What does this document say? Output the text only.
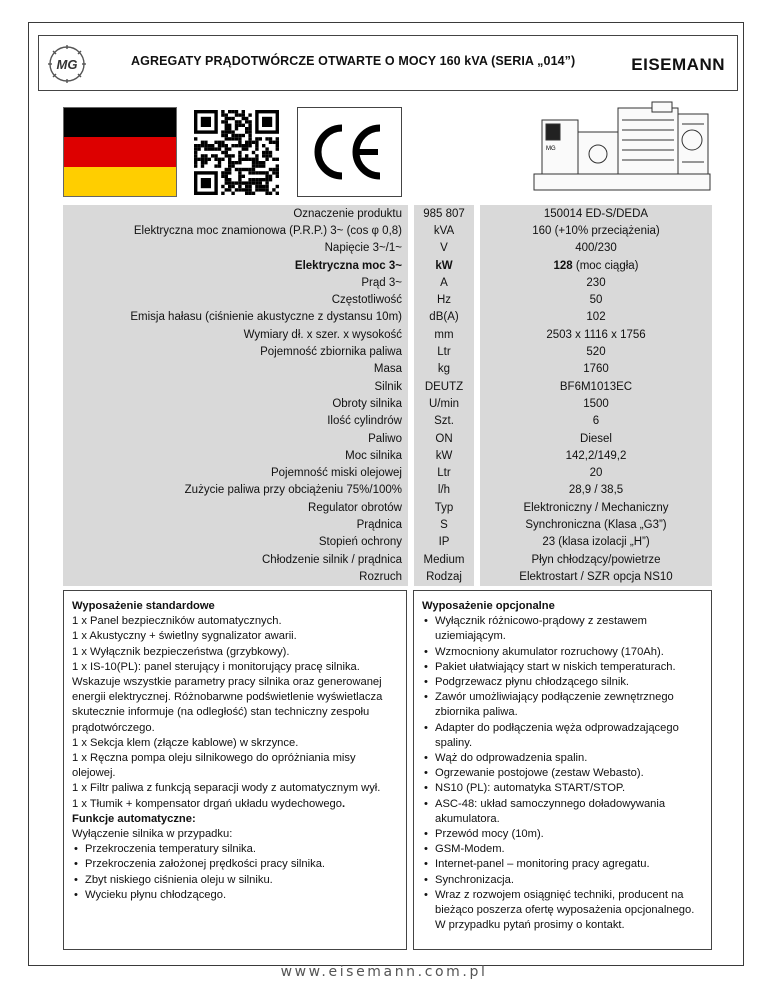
MG	AGREGATY PRĄDOTWÓRCZE OTWARTE O MOCY 160 kVA (SERIA „014”)	EISEMANN
MG
Oznaczenie produktu		985 807		150014 ED-S/DEDA
Elektryczna moc znamionowa (P.R.P.) 3~ (cos φ 0,8)		kVA		160 (+10% przeciążenia)
Napięcie 3~/1~		V		400/230
Elektryczna moc 3~		kW		128 (moc ciągła)
Prąd 3~		A		230
Częstotliwość		Hz		50
Emisja hałasu (ciśnienie akustyczne z dystansu 10m)		dB(A)		102
Wymiary dł. x szer. x wysokość		mm		2503 x 1116 x 1756
Pojemność zbiornika paliwa		Ltr		520
Masa		kg		1760
Silnik		DEUTZ		BF6M1013EC
Obroty silnika		U/min		1500
Ilość cylindrów		Szt.		6
Paliwo		ON		Diesel
Moc silnika		kW		142,2/149,2
Pojemność miski olejowej		Ltr		20
Zużycie paliwa przy obciążeniu 75%/100%		l/h		28,9 / 38,5
Regulator obrotów		Typ		Elektroniczny / Mechaniczny
Prądnica		S		Synchroniczna (Klasa „G3”)
Stopień ochrony		IP		23 (klasa izolacji „H”)
Chłodzenie silnik / prądnica		Medium		Płyn chłodzący/powietrze
Rozruch		Rodzaj		Elektrostart / SZR opcja NS10
Wyposażenie standardowe

1 x Panel bezpieczników automatycznych.

1 x Akustyczny + świetlny sygnalizator awarii.

1 x Wyłącznik bezpieczeństwa (grzybkowy).

1 x IS-10(PL): panel sterujący i monitorujący pracę silnika. Wskazuje wszystkie parametry pracy silnika oraz generowanej energii elektrycznej. Różnobarwne podświetlenie wyświetlacza skutecznie informuje (na odległość) stan techniczny zespołu prądotwórczego.

1 x Sekcja klem (złącze kablowe) w skrzynce.

1 x Ręczna pompa oleju silnikowego do opróżniania misy olejowej.

1 x Filtr paliwa z funkcją separacji wody z automatycznym wył.

1 x Tłumik + kompensator drgań układu wydechowego.

Funkcje automatyczne:

Wyłączenie silnika w przypadku:

• Przekroczenia temperatury silnika.
• Przekroczenia założonej prędkości pracy silnika.
• Zbyt niskiego ciśnienia oleju w silniku.
• Wycieku płynu chłodzącego.
Wyposażenie opcjonalne
• Wyłącznik różnicowo-prądowy z zestawem uziemiającym.
• Wzmocniony akumulator rozruchowy (170Ah).
• Pakiet ułatwiający start w niskich temperaturach.
• Podgrzewacz płynu chłodzącego silnik.
• Zawór umożliwiający podłączenie zewnętrznego zbiornika paliwa.
• Adapter do podłączenia węża odprowadzającego spaliny.
• Wąż do odprowadzenia spalin.
• Ogrzewanie postojowe (zestaw Webasto).
• NS10 (PL): automatyka START/STOP.
• ASC-48: układ samoczynnego doładowywania akumulatora.
• Przewód mocy (10m).
• GSM-Modem.
• Internet-panel – monitoring pracy agregatu.
• Synchronizacja.
• Wraz z rozwojem osiągnięć techniki, producent na bieżąco poszerza ofertę wyposażenia opcjonalnego. W przypadku pytań prosimy o kontakt.
www.eisemann.com.pl
